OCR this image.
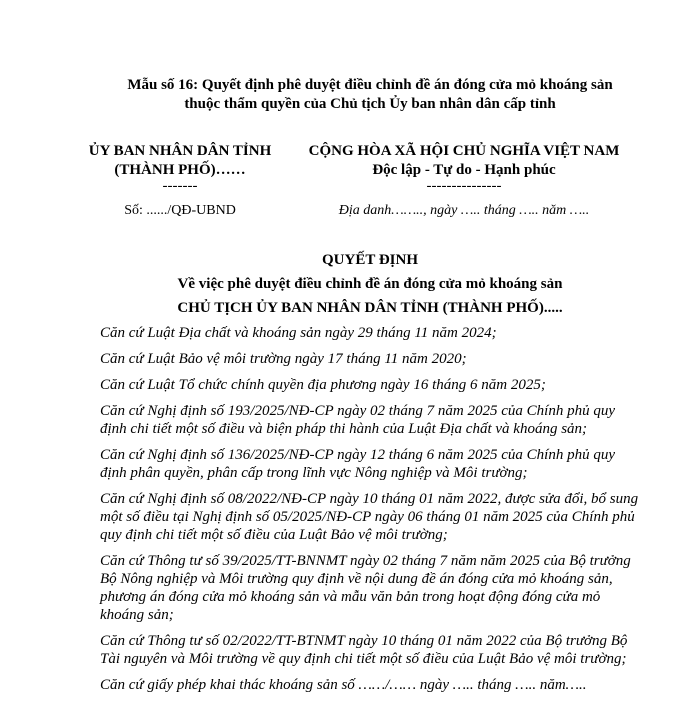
Mẫu số 16: Quyết định phê duyệt điều chỉnh đề án đóng cửa mỏ khoáng sản
thuộc thẩm quyền của Chủ tịch Ủy ban nhân dân cấp tỉnh
ỦY BAN NHÂN DÂN TỈNH
(THÀNH PHỐ)……
-------
CỘNG HÒA XÃ HỘI CHỦ NGHĨA VIỆT NAM
Độc lập - Tự do - Hạnh phúc
---------------
Số: ....../QĐ-UBND	Địa danh…….., ngày ….. tháng ….. năm …..
QUYẾT ĐỊNH
Về việc phê duyệt điều chỉnh đề án đóng cửa mỏ khoáng sản
CHỦ TỊCH ỦY BAN NHÂN DÂN TỈNH (THÀNH PHỐ).....

Căn cứ Luật Địa chất và khoáng sản ngày 29 tháng 11 năm 2024;

Căn cứ Luật Bảo vệ môi trường ngày 17 tháng 11 năm 2020;

Căn cứ Luật Tổ chức chính quyền địa phương ngày 16 tháng 6 năm 2025;

Căn cứ Nghị định số 193/2025/NĐ-CP ngày 02 tháng 7 năm 2025 của Chính phủ quy định chi tiết một số điều và biện pháp thi hành của Luật Địa chất và khoáng sản;

Căn cứ Nghị định số 136/2025/NĐ-CP ngày 12 tháng 6 năm 2025 của Chính phủ quy định phân quyền, phân cấp trong lĩnh vực Nông nghiệp và Môi trường;

Căn cứ Nghị định số 08/2022/NĐ-CP ngày 10 tháng 01 năm 2022, được sửa đổi, bổ sung một số điều tại Nghị định số 05/2025/NĐ-CP ngày 06 tháng 01 năm 2025 của Chính phủ quy định chi tiết một số điều của Luật Bảo vệ môi trường;

Căn cứ Thông tư số 39/2025/TT-BNNMT ngày 02 tháng 7 năm năm 2025 của Bộ trưởng Bộ Nông nghiệp và Môi trường quy định về nội dung đề án đóng cửa mỏ khoáng sản, phương án đóng cửa mỏ khoáng sản và mẫu văn bản trong hoạt động đóng cửa mỏ khoáng sản;

Căn cứ Thông tư số 02/2022/TT-BTNMT ngày 10 tháng 01 năm 2022 của Bộ trưởng Bộ Tài nguyên và Môi trường về quy định chi tiết một số điều của Luật Bảo vệ môi trường;

Căn cứ giấy phép khai thác khoáng sản số ……/…… ngày ….. tháng ….. năm…..
